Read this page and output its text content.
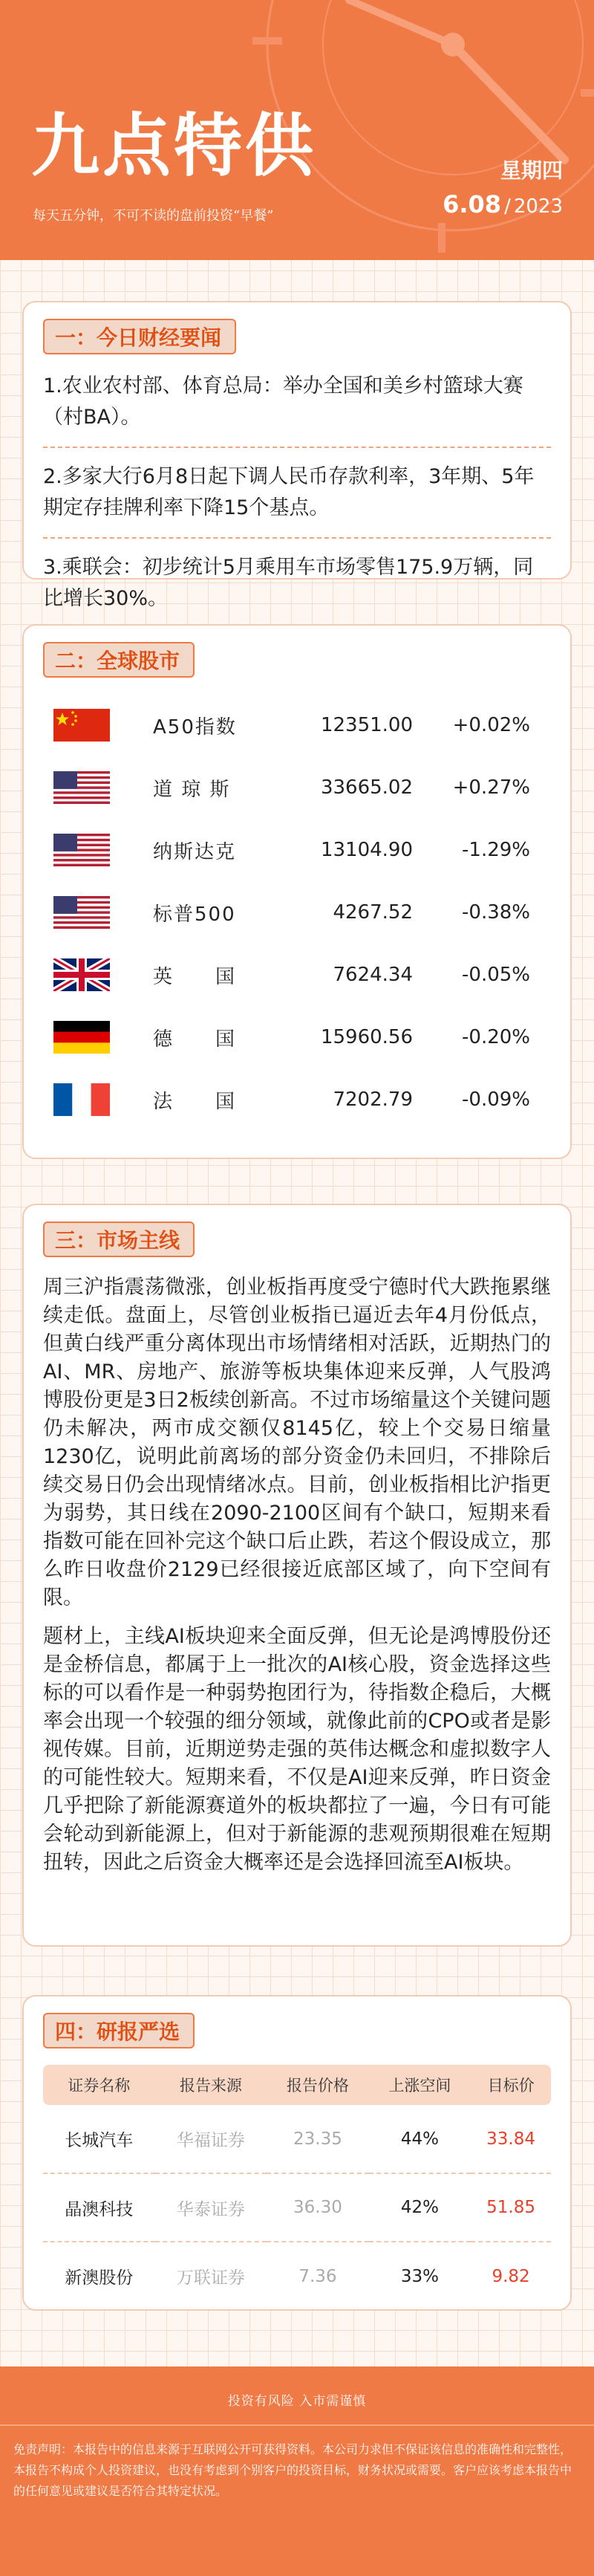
九点特供
每天五分钟，不可不读的盘前投资“早餐”
星期四
6.08 / 2023
一：今日财经要闻

1.农业农村部、体育总局：举办全国和美乡村篮球大赛（村BA）。

2.多家大行6月8日起下调人民币存款利率，3年期、5年期定存挂牌利率下降15个基点。

3.乘联会：初步统计5月乘用车市场零售175.9万辆，同比增长30%。

二：全球股市
A50指数	12351.00	+0.02%
道 琼 斯	33665.02	+0.27%
纳斯达克	13104.90	-1.29%
标普500	4267.52	-0.38%
英　　国	7624.34	-0.05%
德　　国	15960.56	-0.20%
法　　国	7202.79	-0.09%
三：市场主线

周三沪指震荡微涨，创业板指再度受宁德时代大跌拖累继续走低。盘面上，尽管创业板指已逼近去年4月份低点，但黄白线严重分离体现出市场情绪相对活跃，近期热门的AI、MR、房地产、旅游等板块集体迎来反弹，人气股鸿博股份更是3日2板续创新高。不过市场缩量这个关键问题仍未解决，两市成交额仅8145亿，较上个交易日缩量1230亿，说明此前离场的部分资金仍未回归，不排除后续交易日仍会出现情绪冰点。目前，创业板指相比沪指更为弱势，其日线在2090-2100区间有个缺口，短期来看指数可能在回补完这个缺口后止跌，若这个假设成立，那么昨日收盘价2129已经很接近底部区域了，向下空间有限。

题材上，主线AI板块迎来全面反弹，但无论是鸿博股份还是金桥信息，都属于上一批次的AI核心股，资金选择这些标的可以看作是一种弱势抱团行为，待指数企稳后，大概率会出现一个较强的细分领域，就像此前的CPO或者是影视传媒。目前，近期逆势走强的英伟达概念和虚拟数字人的可能性较大。短期来看，不仅是AI迎来反弹，昨日资金几乎把除了新能源赛道外的板块都拉了一遍，今日有可能会轮动到新能源上，但对于新能源的悲观预期很难在短期扭转，因此之后资金大概率还是会选择回流至AI板块。

四：研报严选
证券名称	报告来源	报告价格	上涨空间	目标价
长城汽车	华福证券	23.35	44%	33.84
晶澳科技	华泰证券	36.30	42%	51.85
新澳股份	万联证券	7.36	33%	9.82
投资有风险 入市需谨慎
免责声明：本报告中的信息来源于互联网公开可获得资料。本公司力求但不保证该信息的准确性和完整性，本报告不构成个人投资建议，也没有考虑到个别客户的投资目标，财务状况或需要。客户应该考虑本报告中的任何意见或建议是否符合其特定状况。
